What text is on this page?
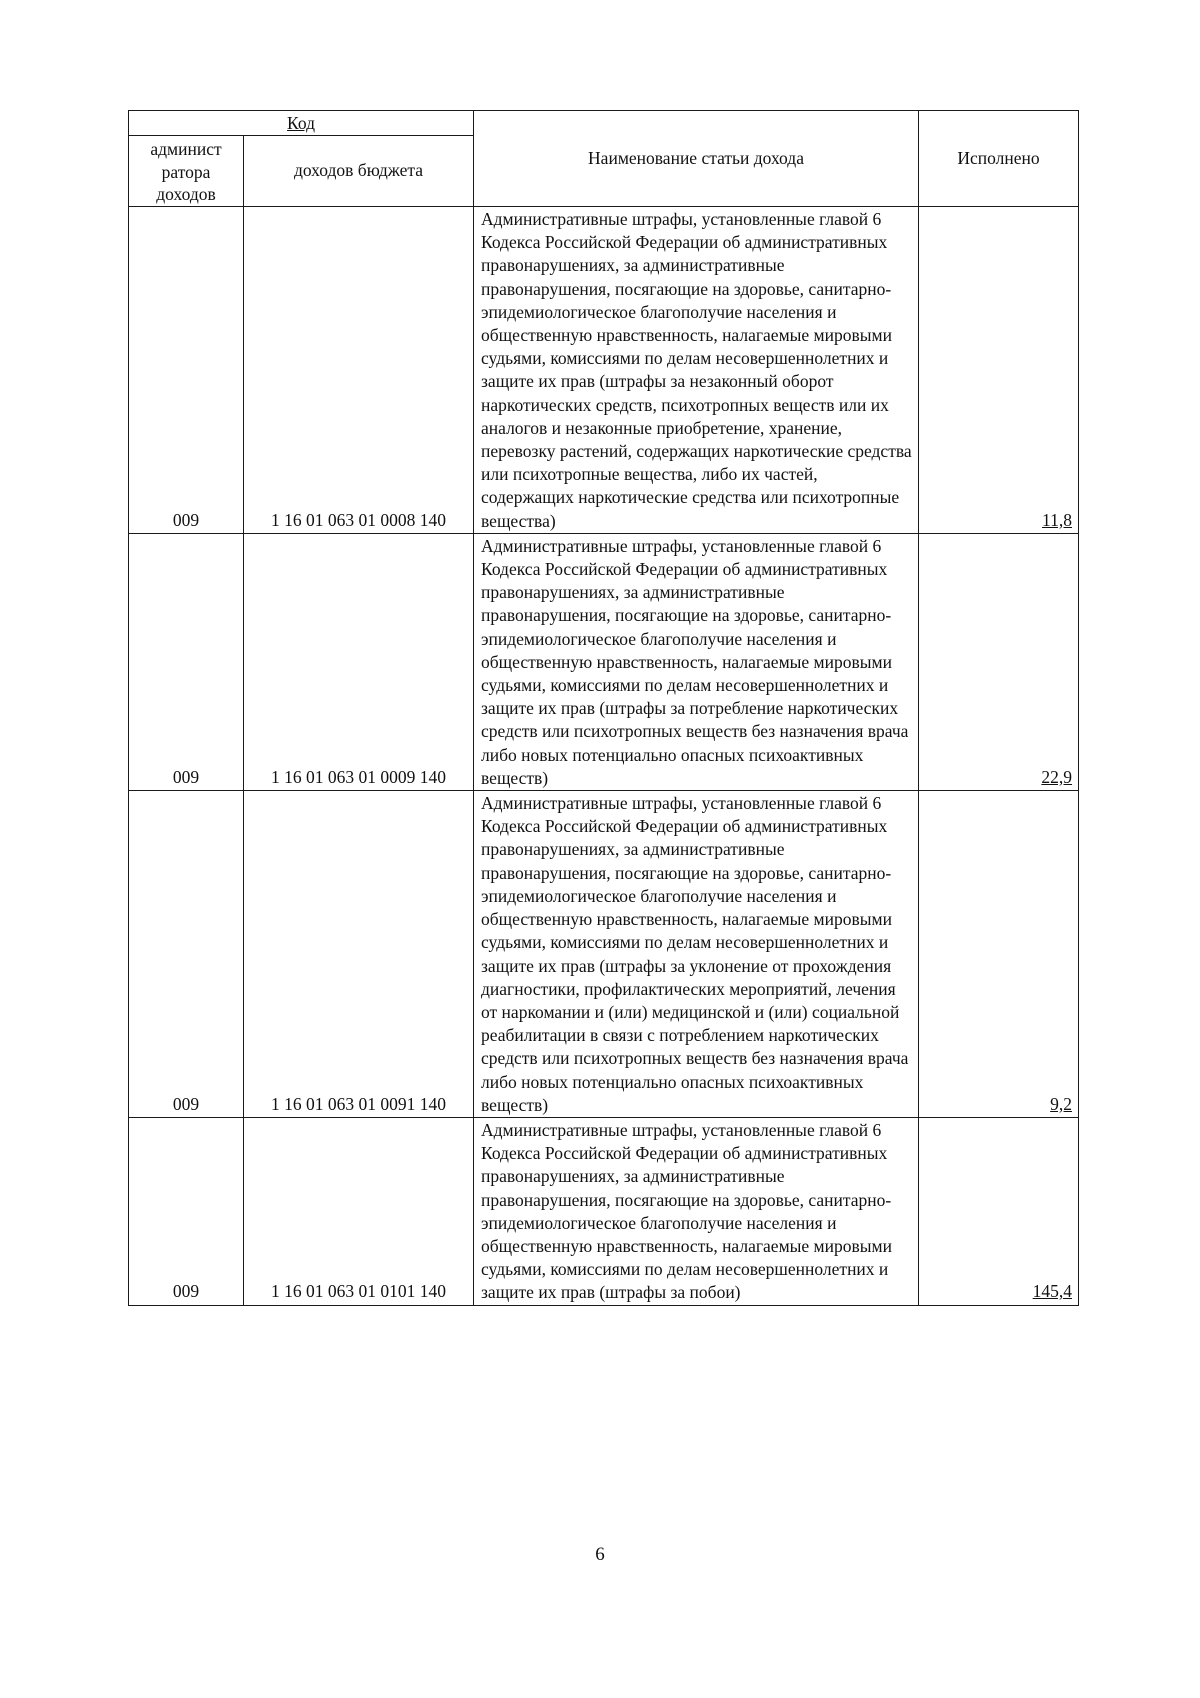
Код		Наименование статьи дохода	Исполнено

админист
ратора
доходов	доходов бюджета		
009	1 16 01 063 01 0008 140	Административные штрафы, установленные главой 6 Кодекса Российской Федерации об административных правонарушениях, за административные правонарушения, посягающие на здоровье, санитарно-эпидемиологическое благополучие населения и общественную нравственность, налагаемые мировыми судьями, комиссиями по делам несовершеннолетних и защите их прав (штрафы за незаконный оборот наркотических средств, психотропных веществ или их аналогов и незаконные приобретение, хранение, перевозку растений, содержащих наркотические средства или психотропные вещества, либо их частей, содержащих наркотические средства или психотропные вещества)	11,8
009	1 16 01 063 01 0009 140	Административные штрафы, установленные главой 6 Кодекса Российской Федерации об административных правонарушениях, за административные правонарушения, посягающие на здоровье, санитарно-эпидемиологическое благополучие населения и общественную нравственность, налагаемые мировыми судьями, комиссиями по делам несовершеннолетних и защите их прав (штрафы за потребление наркотических средств или психотропных веществ без назначения врача либо новых потенциально опасных психоактивных веществ)	22,9
009	1 16 01 063 01 0091 140	Административные штрафы, установленные главой 6 Кодекса Российской Федерации об административных правонарушениях, за административные правонарушения, посягающие на здоровье, санитарно-эпидемиологическое благополучие населения и общественную нравственность, налагаемые мировыми судьями, комиссиями по делам несовершеннолетних и защите их прав (штрафы за уклонение от прохождения диагностики, профилактических мероприятий, лечения от наркомании и (или) медицинской и (или) социальной реабилитации в связи с потреблением наркотических средств или психотропных веществ без назначения врача либо новых потенциально опасных психоактивных веществ)	9,2
009	1 16 01 063 01 0101 140	Административные штрафы, установленные главой 6 Кодекса Российской Федерации об административных правонарушениях, за административные правонарушения, посягающие на здоровье, санитарно-эпидемиологическое благополучие населения и общественную нравственность, налагаемые мировыми судьями, комиссиями по делам несовершеннолетних и защите их прав (штрафы за побои)	145,4
6
